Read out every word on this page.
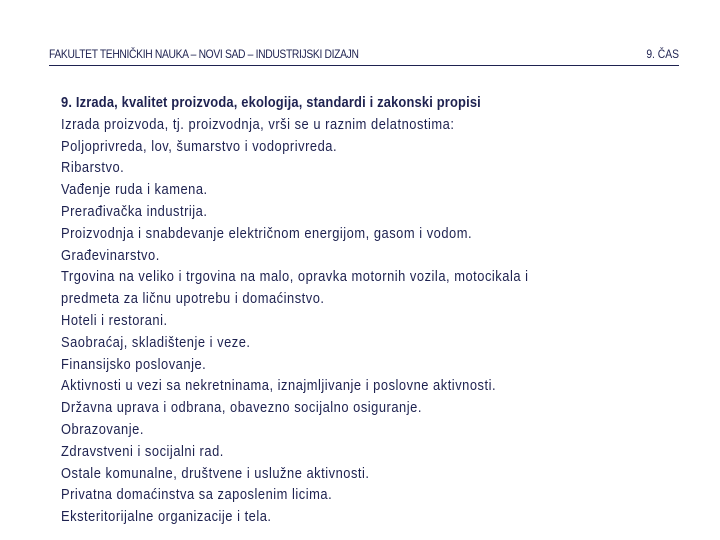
FAKULTET TEHNIČKIH NAUKA – NOVI SAD – INDUSTRIJSKI DIZAJN	9. ČAS
9. Izrada, kvalitet proizvoda, ekologija, standardi i zakonski propisi
Izrada proizvoda, tj. proizvodnja, vrši se u raznim delatnostima:
Poljoprivreda, lov, šumarstvo i vodoprivreda.
Ribarstvo.
Vađenje ruda i kamena.
Prerađivačka industrija.
Proizvodnja i snabdevanje električnom energijom, gasom i vodom.
Građevinarstvo.
Trgovina na veliko i trgovina na malo, opravka motornih vozila, motocikala i
predmeta za ličnu upotrebu i domaćinstvo.
Hoteli i restorani.
Saobraćaj, skladištenje i veze.
Finansijsko poslovanje.
Aktivnosti u vezi sa nekretninama, iznajmljivanje i poslovne aktivnosti.
Državna uprava i odbrana, obavezno socijalno osiguranje.
Obrazovanje.
Zdravstveni i socijalni rad.
Ostale komunalne, društvene i uslužne aktivnosti.
Privatna domaćinstva sa zaposlenim licima.
Eksteritorijalne organizacije i tela.
